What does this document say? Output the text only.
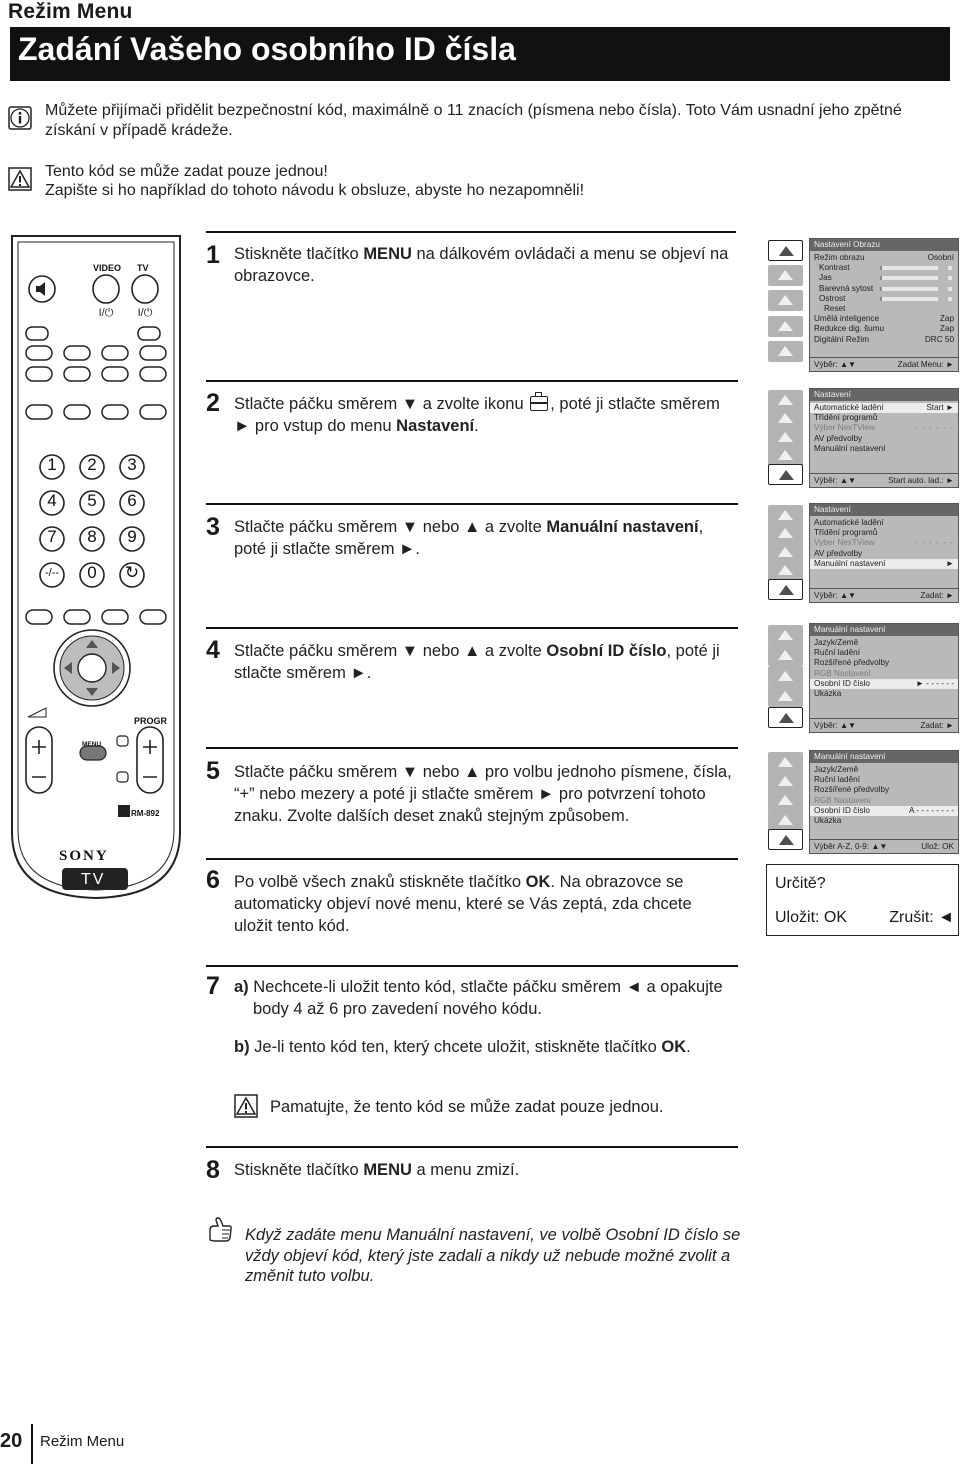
Režim Menu
Zadání Vašeho osobního ID čísla
Můžete přijímači přidělit bezpečnostní kód, maximálně o 11 znacích (písmena nebo čísla). Toto Vám usnadní jeho zpětné získání v případě krádeže.
Tento kód se může zadat pouze jednou!
Zapište si ho například do tohoto návodu k obsluze, abyste ho nezapomněli!
I/⏻ I/⏻
VIDEO TV
1	2	3
4	5	6
7	8	9
-/--	0	↻
OK
PROGR
MENU
RM-892
SONY
TV
1 Stiskněte tlačítko MENU na dálkovém ovládači a menu se objeví na obrazovce.
2 Stlačte páčku směrem ▼ a zvolte ikonu
, poté ji stlačte směrem ► pro vstup do menu Nastavení.
3 Stlačte páčku směrem ▼ nebo ▲ a zvolte Manuální nastavení, poté ji stlačte směrem ►.
4 Stlačte páčku směrem ▼ nebo ▲ a zvolte Osobní ID číslo, poté ji stlačte směrem ►.
5 Stlačte páčku směrem ▼ nebo ▲ pro volbu jednoho písmene, čísla, “+” nebo mezery a poté ji stlačte směrem ► pro potvrzení tohoto znaku. Zvolte dalších deset znaků stejným způsobem.
6 Po volbě všech znaků stiskněte tlačítko OK. Na obrazovce se automaticky objeví nové menu, které se Vás zeptá, zda chcete uložit tento kód.
7 a) Nechcete-li uložit tento kód, stlačte páčku směrem ◄ a opakujte body 4 až 6 pro zavedení nového kódu.
b) Je-li tento kód ten, který chcete uložit, stiskněte tlačítko OK.
Pamatujte, že tento kód se může zadat pouze jednou.
8 Stiskněte tlačítko MENU a menu zmizí.
Nastavení Obrazu
Režim obrazu	Osobní
Kontrast
Jas
Barevná sytost
Ostrost
Reset
Umělá inteligence	Zap
Redukce dig. šumu	Zap
Digitální Režim	DRC 50
Výběr: ▲▼	Zadat Menu: ►
Nastavení
Automatické ladění	Start ►
Třídění programů
Výber NexTView	- - - - - -
AV předvolby
Manuální nastavení
Výběr: ▲▼	Start auto. lad.: ►
Nastavení
Automatické ladění
Třídění programů
Vyber NexTView	- - - - - -
AV předvolby
Manuální nastavení	►
Výběr: ▲▼	Zadat: ►
Manuální nastavení
Jazyk/Země
Ruční ladění
Rozšířené předvolby
RGB Nastavení
Osobní ID číslo	► - - - - - -
Ukázka
Výběr: ▲▼	Zadat: ►
Manuální nastavení
Jazyk/Země
Ruční ladění
Rozšířené předvolby
RGB Nastavení
Osobní ID číslo	A - - - - - - - -
Ukázka
Výběr A-Z, 0-9: ▲▼	Ulož: OK
Určitě?
Uložit: OK	Zrušit: ◄
Když zadáte menu Manuální nastavení, ve volbě Osobní ID číslo se vždy objeví kód, který jste zadali a nikdy už nebude možné zvolit a změnit tuto volbu.
20 Režim Menu
